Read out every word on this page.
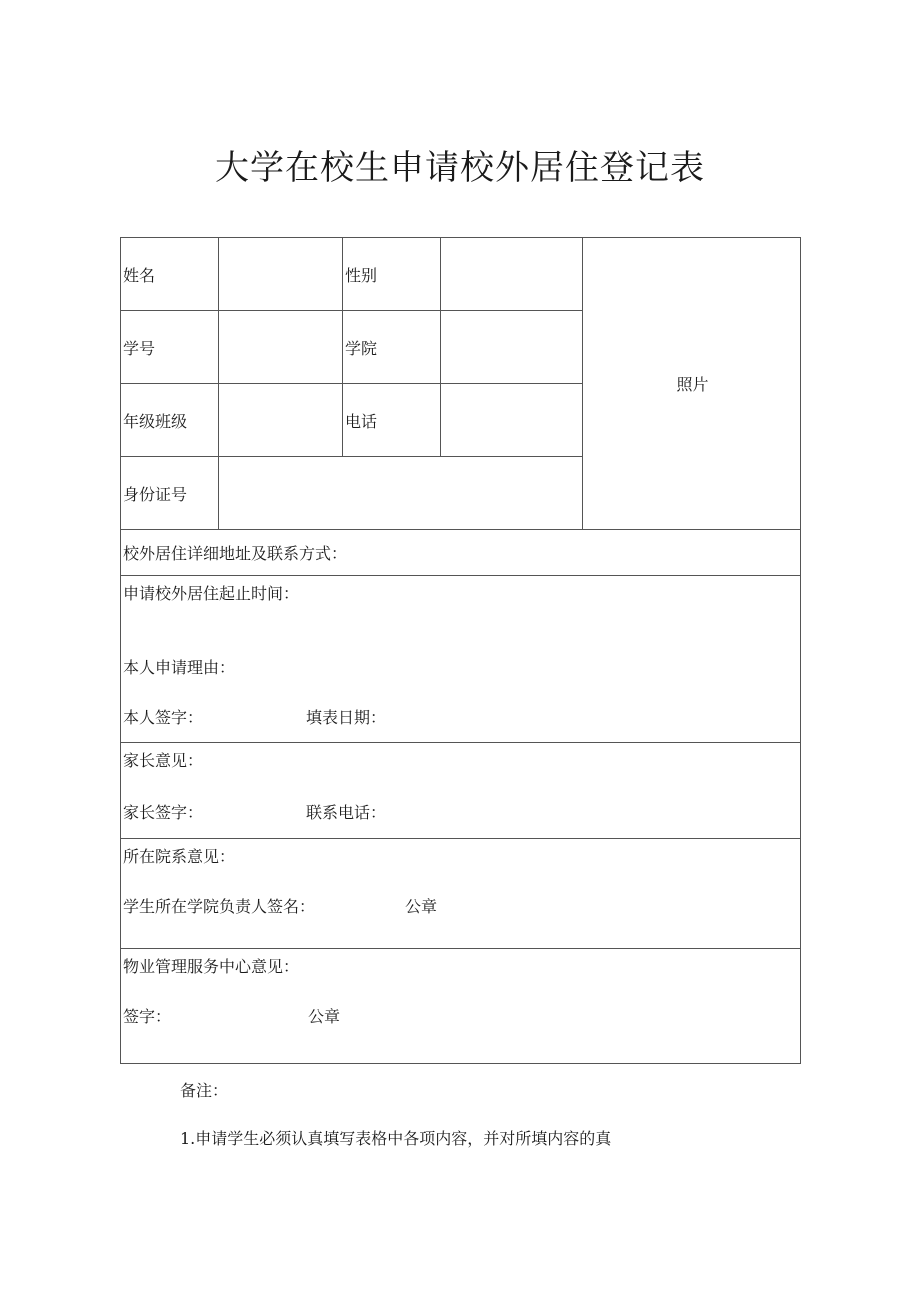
大学在校生申请校外居住登记表
姓名		性别		照片
学号		学院		
年级班级		电话		
身份证号				
校外居住详细地址及联系方式：				

申请校外居住起止时间：
本人申请理由：
本人签字： 填表日期：				

家长意见：
家长签字： 联系电话：				

所在院系意见：
学生所在学院负责人签名： 公章				

物业管理服务中心意见：
签字： 公章				
备注：
1.申请学生必须认真填写表格中各项内容，并对所填内容的真
